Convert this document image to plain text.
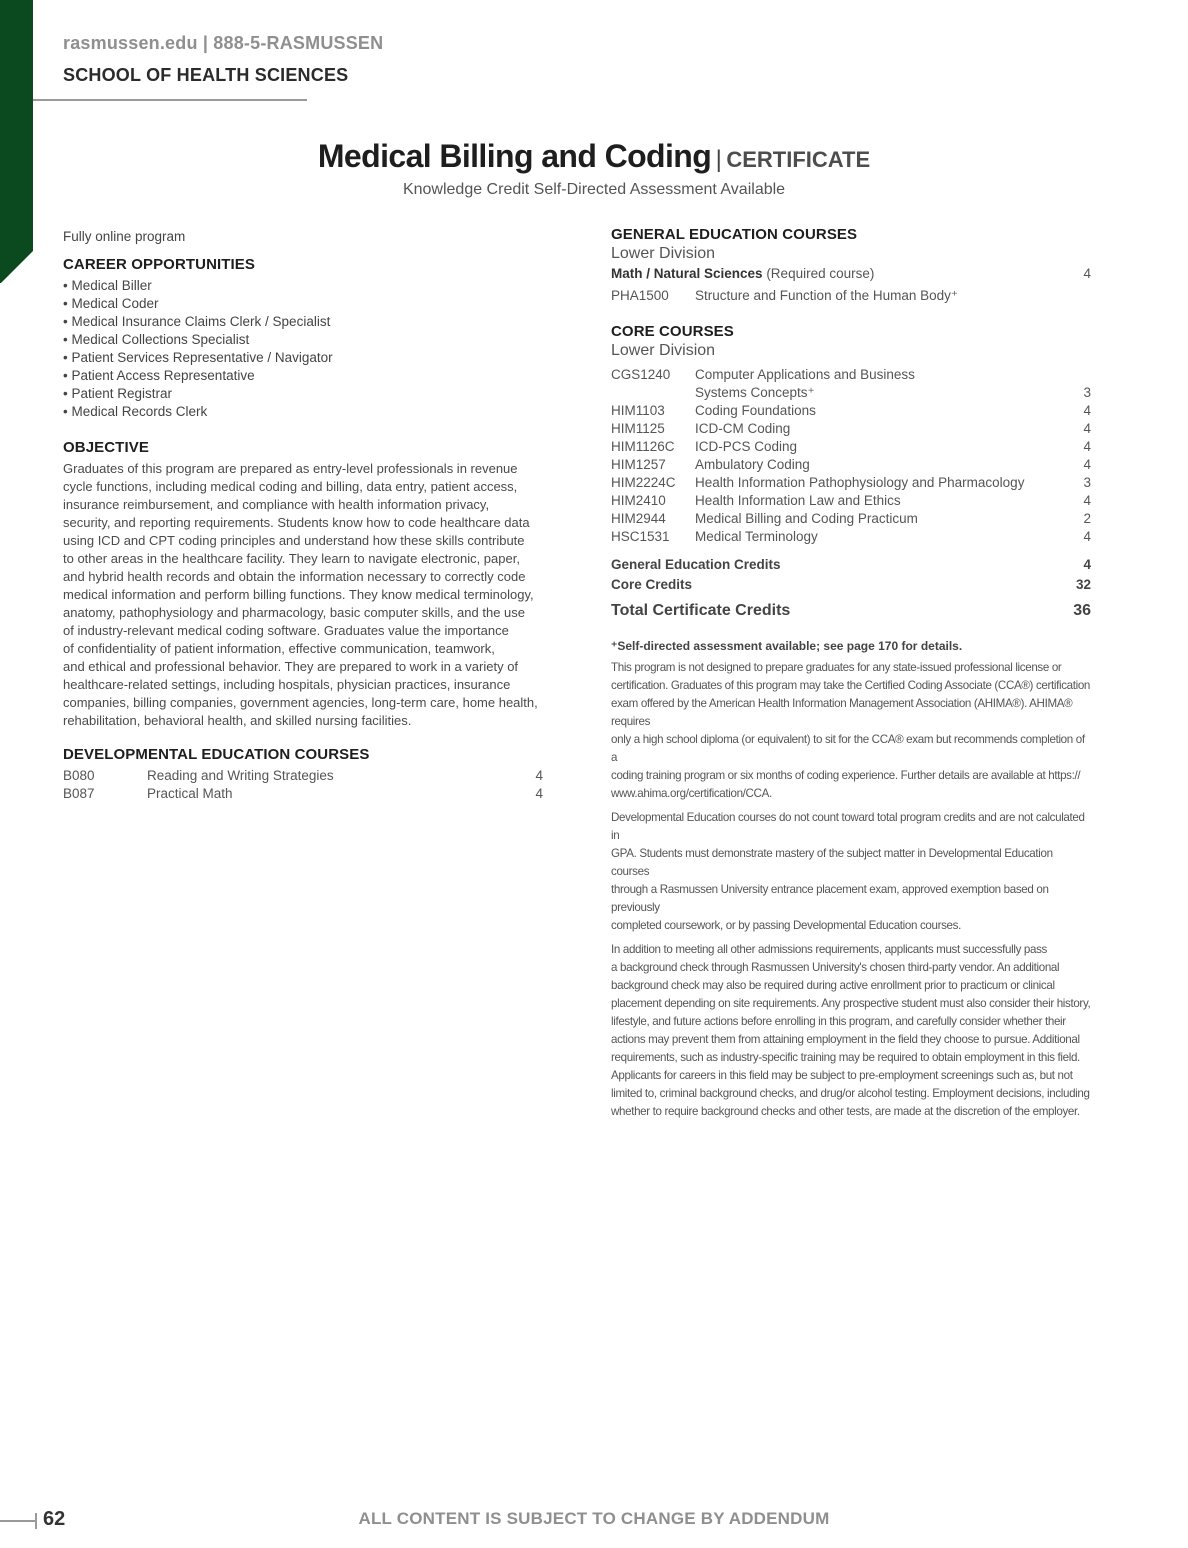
rasmussen.edu | 888-5-RASMUSSEN
SCHOOL OF HEALTH SCIENCES
Medical Billing and Coding | CERTIFICATE
Knowledge Credit Self-Directed Assessment Available
Fully online program
CAREER OPPORTUNITIES
• Medical Biller
• Medical Coder
• Medical Insurance Claims Clerk / Specialist
• Medical Collections Specialist
• Patient Services Representative / Navigator
• Patient Access Representative
• Patient Registrar
• Medical Records Clerk
OBJECTIVE
Graduates of this program are prepared as entry-level professionals in revenue
cycle functions, including medical coding and billing, data entry, patient access,
insurance reimbursement, and compliance with health information privacy,
security, and reporting requirements. Students know how to code healthcare data
using ICD and CPT coding principles and understand how these skills contribute
to other areas in the healthcare facility. They learn to navigate electronic, paper,
and hybrid health records and obtain the information necessary to correctly code
medical information and perform billing functions. They know medical terminology,
anatomy, pathophysiology and pharmacology, basic computer skills, and the use
of industry-relevant medical coding software. Graduates value the importance
of confidentiality of patient information, effective communication, teamwork,
and ethical and professional behavior. They are prepared to work in a variety of
healthcare-related settings, including hospitals, physician practices, insurance
companies, billing companies, government agencies, long-term care, home health,
rehabilitation, behavioral health, and skilled nursing facilities.
DEVELOPMENTAL EDUCATION COURSES
B080	Reading and Writing Strategies	4
B087	Practical Math	4
GENERAL EDUCATION COURSES
Lower Division
Math / Natural Sciences (Required course)	4
PHA1500	Structure and Function of the Human Body⁺
CORE COURSES
Lower Division
CGS1240	Computer Applications and Business
Systems Concepts⁺	3
HIM1103	Coding Foundations	4
HIM1125	ICD-CM Coding	4
HIM1126C	ICD-PCS Coding	4
HIM1257	Ambulatory Coding	4
HIM2224C	Health Information Pathophysiology and Pharmacology	3
HIM2410	Health Information Law and Ethics	4
HIM2944	Medical Billing and Coding Practicum	2
HSC1531	Medical Terminology	4
General Education Credits	4
Core Credits	32
Total Certificate Credits	36
⁺Self-directed assessment available; see page 170 for details.
This program is not designed to prepare graduates for any state-issued professional license or
certification. Graduates of this program may take the Certified Coding Associate (CCA®) certification
exam offered by the American Health Information Management Association (AHIMA®). AHIMA® requires
only a high school diploma (or equivalent) to sit for the CCA® exam but recommends completion of a
coding training program or six months of coding experience. Further details are available at https://
www.ahima.org/certification/CCA.
Developmental Education courses do not count toward total program credits and are not calculated in
GPA. Students must demonstrate mastery of the subject matter in Developmental Education courses
through a Rasmussen University entrance placement exam, approved exemption based on previously
completed coursework, or by passing Developmental Education courses.
In addition to meeting all other admissions requirements, applicants must successfully pass
a background check through Rasmussen University's chosen third-party vendor. An additional
background check may also be required during active enrollment prior to practicum or clinical
placement depending on site requirements. Any prospective student must also consider their history,
lifestyle, and future actions before enrolling in this program, and carefully consider whether their
actions may prevent them from attaining employment in the field they choose to pursue. Additional
requirements, such as industry-specific training may be required to obtain employment in this field.
Applicants for careers in this field may be subject to pre-employment screenings such as, but not
limited to, criminal background checks, and drug/or alcohol testing. Employment decisions, including
whether to require background checks and other tests, are made at the discretion of the employer.
62	ALL CONTENT IS SUBJECT TO CHANGE BY ADDENDUM
